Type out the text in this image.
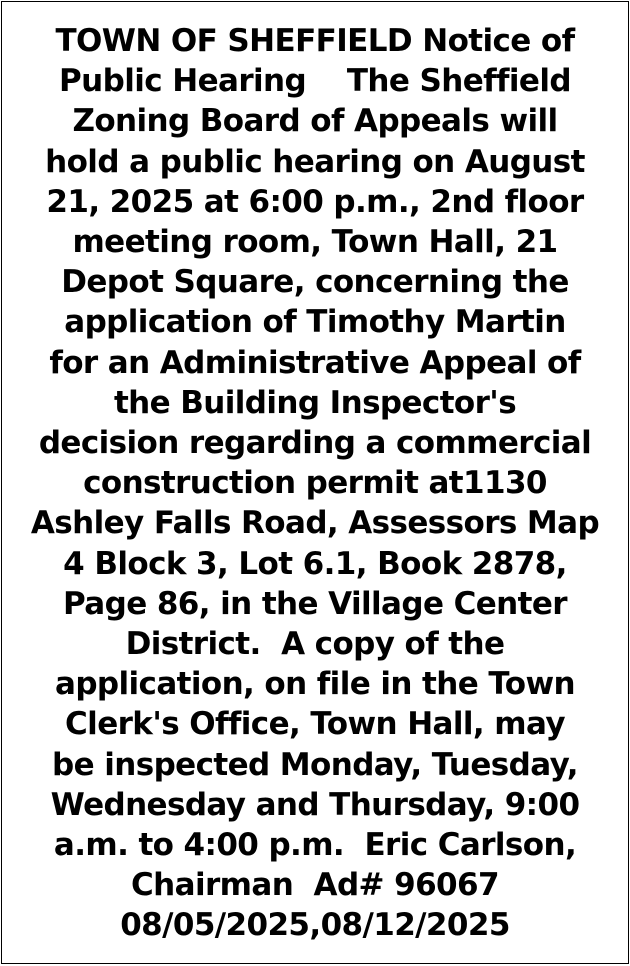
TOWN OF SHEFFIELD Notice of
Public Hearing    The Sheffield
Zoning Board of Appeals will
hold a public hearing on August
21, 2025 at 6:00 p.m., 2nd floor
meeting room, Town Hall, 21
Depot Square, concerning the
application of Timothy Martin
for an Administrative Appeal of
the Building Inspector's
decision regarding a commercial
construction permit at1130
Ashley Falls Road, Assessors Map
4 Block 3, Lot 6.1, Book 2878,
Page 86, in the Village Center
District.  A copy of the
application, on file in the Town
Clerk's Office, Town Hall, may
be inspected Monday, Tuesday,
Wednesday and Thursday, 9:00
a.m. to 4:00 p.m.  Eric Carlson,
Chairman  Ad# 96067
08/05/2025,08/12/2025
